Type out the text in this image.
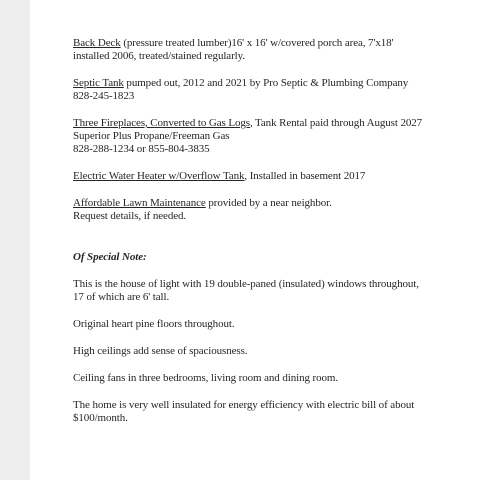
Back Deck (pressure treated lumber)16' x 16' w/covered porch area, 7'x18'
installed 2006, treated/stained regularly.
Septic Tank pumped out, 2012 and 2021 by Pro Septic & Plumbing Company
828-245-1823
Three Fireplaces, Converted to Gas Logs, Tank Rental paid through August 2027
Superior Plus Propane/Freeman Gas
828-288-1234 or 855-804-3835
Electric Water Heater w/Overflow Tank, Installed in basement 2017
Affordable Lawn Maintenance provided by a near neighbor.
Request details, if needed.
Of Special Note:
This is the house of light with 19 double-paned (insulated) windows throughout,
17 of which are 6' tall.
Original heart pine floors throughout.
High ceilings add sense of spaciousness.
Ceiling fans in three bedrooms, living room and dining room.
The home is very well insulated for energy efficiency with electric bill of about
$100/month.
